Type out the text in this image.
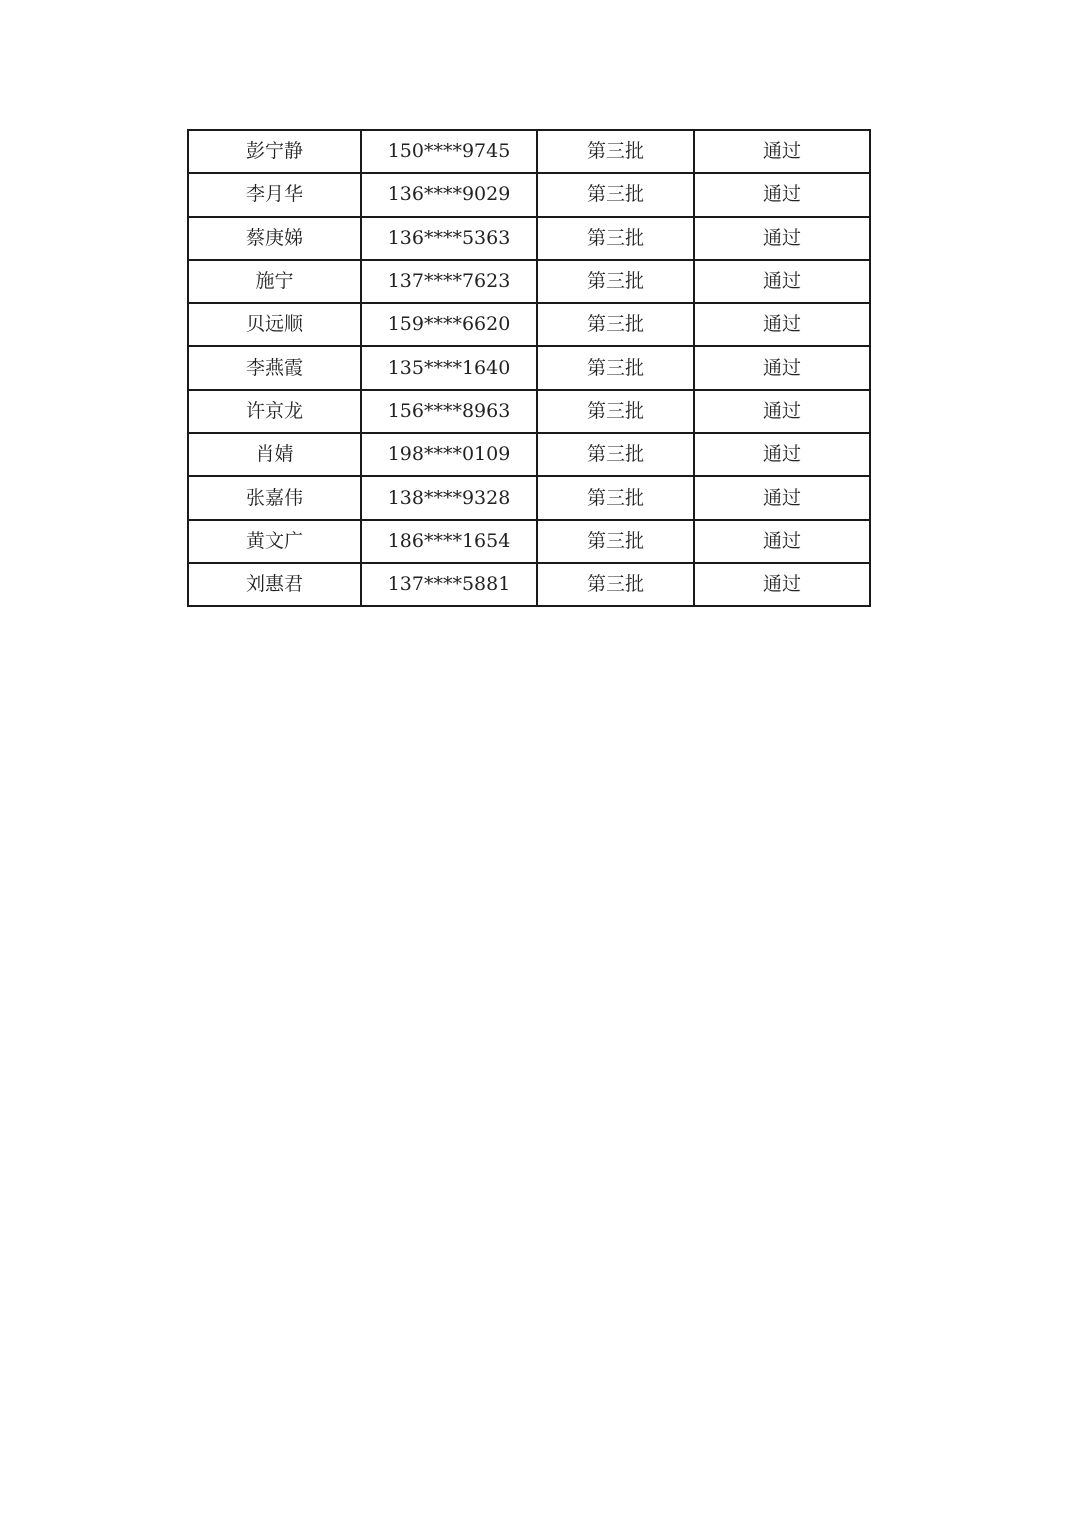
彭宁静	150****9745	第三批	通过
李月华	136****9029	第三批	通过
蔡庚娣	136****5363	第三批	通过
施宁	137****7623	第三批	通过
贝远顺	159****6620	第三批	通过
李燕霞	135****1640	第三批	通过
许京龙	156****8963	第三批	通过
肖婧	198****0109	第三批	通过
张嘉伟	138****9328	第三批	通过
黄文广	186****1654	第三批	通过
刘惠君	137****5881	第三批	通过
